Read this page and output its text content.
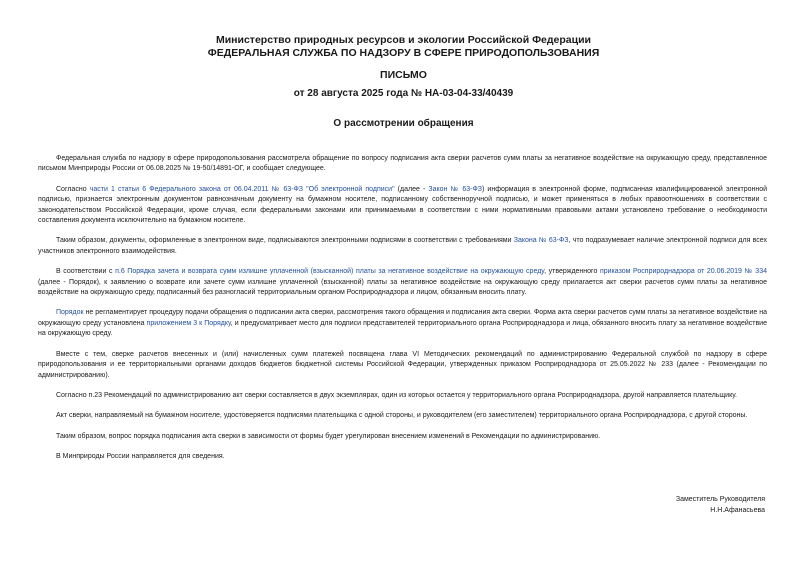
Министерство природных ресурсов и экологии Российской Федерации
ФЕДЕРАЛЬНАЯ СЛУЖБА ПО НАДЗОРУ В СФЕРЕ ПРИРОДОПОЛЬЗОВАНИЯ
ПИСЬМО
от 28 августа 2025 года № НА-03-04-33/40439
О рассмотрении обращения

Федеральная служба по надзору в сфере природопользования рассмотрела обращение по вопросу подписания акта сверки расчетов сумм платы за негативное воздействие на окружающую среду, представленное письмом Минприроды России от 06.08.2025 № 19-50/14891-ОГ, и сообщает следующее.

Согласно части 1 статьи 6 Федерального закона от 06.04.2011 № 63-ФЗ "Об электронной подписи" (далее - Закон № 63-ФЗ) информация в электронной форме, подписанная квалифицированной электронной подписью, признается электронным документом равнозначным документу на бумажном носителе, подписанному собственноручной подписью, и может применяться в любых правоотношениях в соответствии с законодательством Российской Федерации, кроме случая, если федеральными законами или принимаемыми в соответствии с ними нормативными правовыми актами установлено требование о необходимости составления документа исключительно на бумажном носителе.

Таким образом, документы, оформленные в электронном виде, подписываются электронными подписями в соответствии с требованиями Закона № 63-ФЗ, что подразумевает наличие электронной подписи для всех участников электронного взаимодействия.

В соответствии с п.6 Порядка зачета и возврата сумм излишне уплаченной (взысканной) платы за негативное воздействие на окружающую среду, утвержденного приказом Росприроднадзора от 20.06.2019 № 334 (далее - Порядок), к заявлению о возврате или зачете сумм излишне уплаченной (взысканной) платы за негативное воздействие на окружающую среду прилагается акт сверки расчетов сумм платы за негативное воздействие на окружающую среду, подписанный без разногласий территориальным органом Росприроднадзора и лицом, обязанным вносить плату.

Порядок не регламентирует процедуру подачи обращения о подписании акта сверки, рассмотрения такого обращения и подписания акта сверки. Форма акта сверки расчетов сумм платы за негативное воздействие на окружающую среду установлена приложением 3 к Порядку, и предусматривает место для подписи представителей территориального органа Росприроднадзора и лица, обязанного вносить плату за негативное воздействие на окружающую среду.

Вместе с тем, сверке расчетов внесенных и (или) начисленных сумм платежей посвящена глава VI Методических рекомендаций по администрированию Федеральной службой по надзору в сфере природопользования и ее территориальными органами доходов бюджетов бюджетной системы Российской Федерации, утвержденных приказом Росприроднадзора от 25.05.2022 № 233 (далее - Рекомендации по администрированию).

Согласно п.23 Рекомендаций по администрированию акт сверки составляется в двух экземплярах, один из которых остается у территориального органа Росприроднадзора, другой направляется плательщику.

Акт сверки, направляемый на бумажном носителе, удостоверяется подписями плательщика с одной стороны, и руководителем (его заместителем) территориального органа Росприроднадзора, с другой стороны.

Таким образом, вопрос порядка подписания акта сверки в зависимости от формы будет урегулирован внесением изменений в Рекомендации по администрированию.

В Минприроды России направляется для сведения.

Заместитель Руководителя
Н.Н.Афанасьева
